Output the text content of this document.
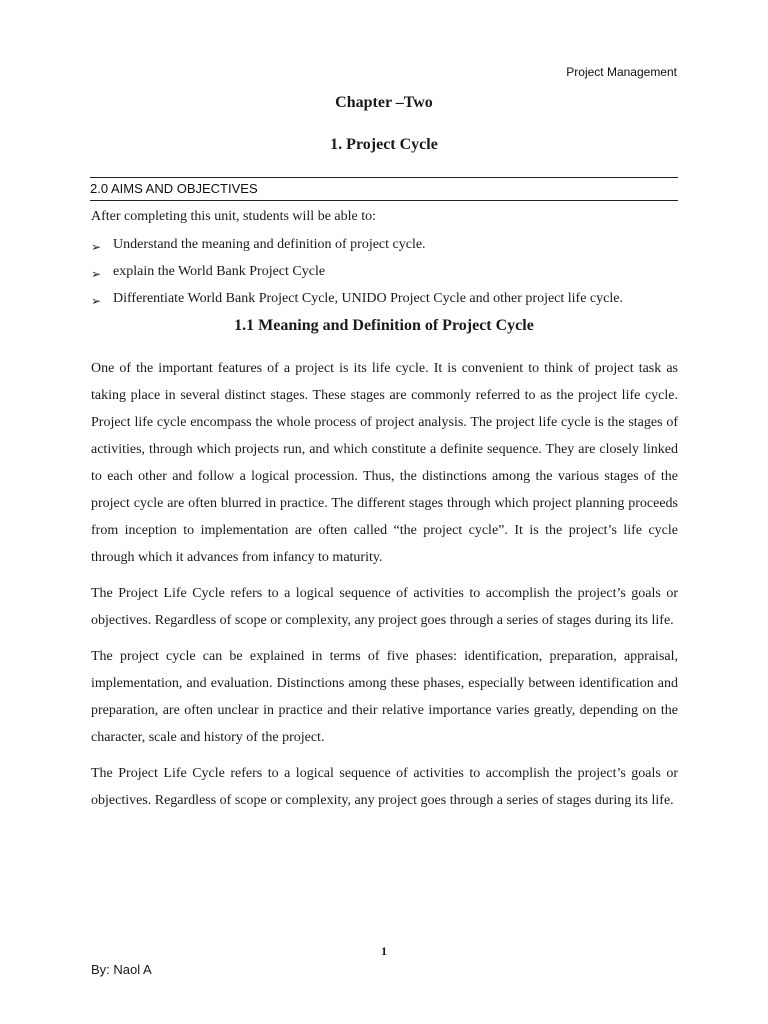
Project Management
Chapter –Two
1. Project Cycle
2.0 AIMS AND OBJECTIVES
After completing this unit, students will be able to:
➢ Understand the meaning and definition of project cycle.
➢ explain the World Bank Project Cycle
➢ Differentiate World Bank Project Cycle, UNIDO Project Cycle and other project life cycle.
1.1 Meaning and Definition of Project Cycle

One of the important features of a project is its life cycle. It is convenient to think of project task as taking place in several distinct stages. These stages are commonly referred to as the project life cycle. Project life cycle encompass the whole process of project analysis. The project life cycle is the stages of activities, through which projects run, and which constitute a definite sequence. They are closely linked to each other and follow a logical procession. Thus, the distinctions among the various stages of the project cycle are often blurred in practice. The different stages through which project planning proceeds from inception to implementation are often called “the project cycle”. It is the project’s life cycle through which it advances from infancy to maturity.

The Project Life Cycle refers to a logical sequence of activities to accomplish the project’s goals or objectives. Regardless of scope or complexity, any project goes through a series of stages during its life.

The project cycle can be explained in terms of five phases: identification, preparation, appraisal, implementation, and evaluation. Distinctions among these phases, especially between identification and preparation, are often unclear in practice and their relative importance varies greatly, depending on the character, scale and history of the project.

The Project Life Cycle refers to a logical sequence of activities to accomplish the project’s goals or objectives. Regardless of scope or complexity, any project goes through a series of stages during its life.

1
By: Naol A
